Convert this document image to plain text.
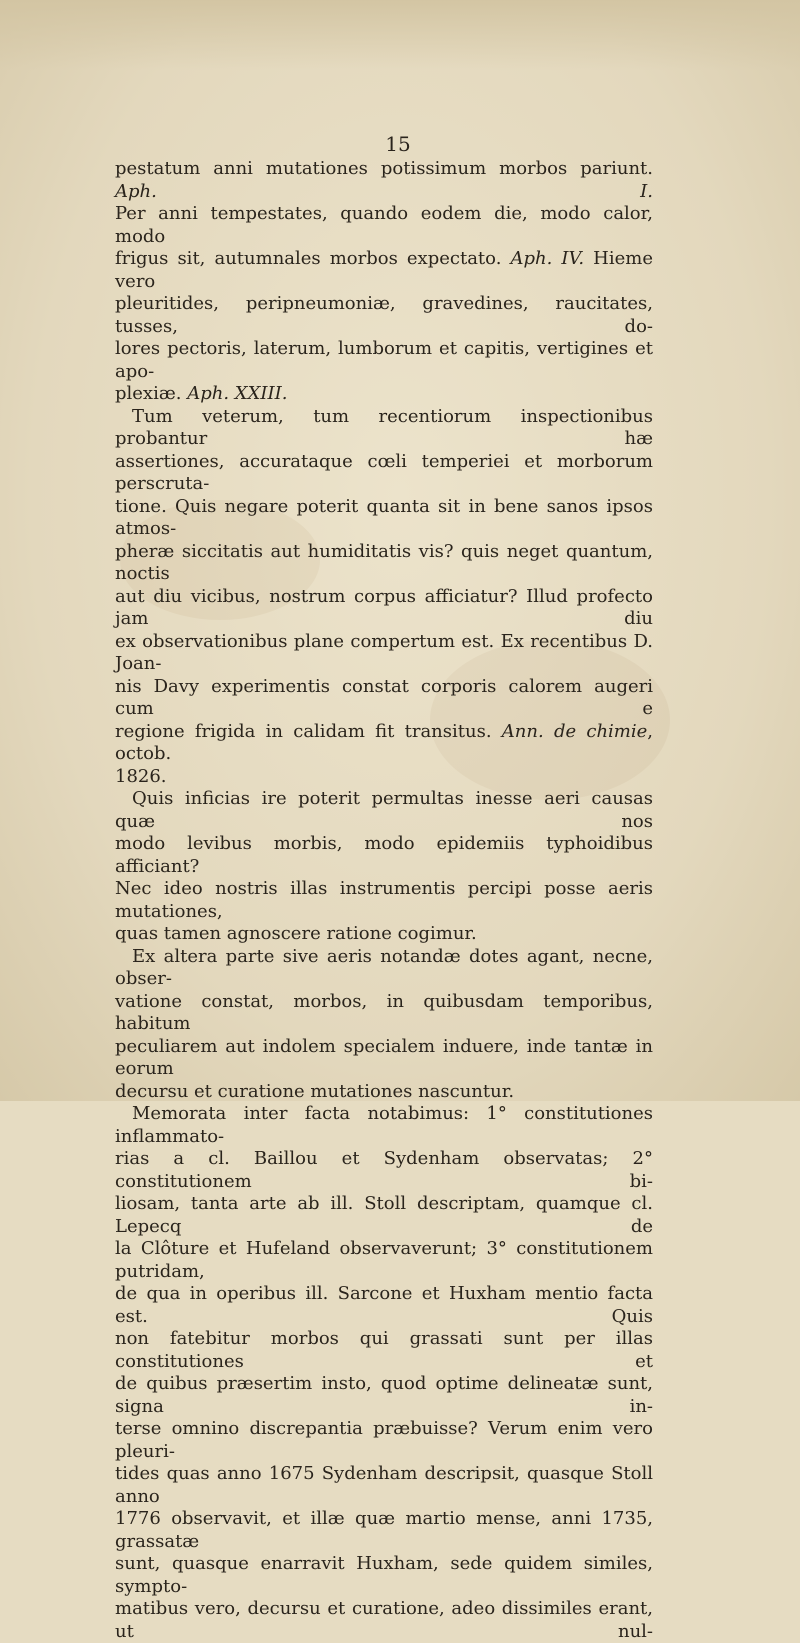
15

pestatum anni mutationes potissimum morbos pariunt. Aph. I.
Per anni tempestates, quando eodem die, modo calor, modo
frigus sit, autumnales morbos expectato. Aph. IV. Hieme vero
pleuritides, peripneumoniæ, gravedines, raucitates, tusses, do-
lores pectoris, laterum, lumborum et capitis, vertigines et apo-
plexiæ. Aph. XXIII.
Tum veterum, tum recentiorum inspectionibus probantur hæ
assertiones, accurataque cœli temperiei et morborum perscruta-
tione. Quis negare poterit quanta sit in bene sanos ipsos atmos-
pheræ siccitatis aut humiditatis vis? quis neget quantum, noctis
aut diu vicibus, nostrum corpus afficiatur? Illud profecto jam diu
ex observationibus plane compertum est. Ex recentibus D. Joan-
nis Davy experimentis constat corporis calorem augeri cum e
regione frigida in calidam fit transitus. Ann. de chimie, octob.
1826.
Quis inficias ire poterit permultas inesse aeri causas quæ nos
modo levibus morbis, modo epidemiis typhoidibus afficiant?
Nec ideo nostris illas instrumentis percipi posse aeris mutationes,
quas tamen agnoscere ratione cogimur.
Ex altera parte sive aeris notandæ dotes agant, necne, obser-
vatione constat, morbos, in quibusdam temporibus, habitum
peculiarem aut indolem specialem induere, inde tantæ in eorum
decursu et curatione mutationes nascuntur.
Memorata inter facta notabimus: 1° constitutiones inflammato-
rias a cl. Baillou et Sydenham observatas; 2° constitutionem bi-
liosam, tanta arte ab ill. Stoll descriptam, quamque cl. Lepecq de
la Clôture et Hufeland observaverunt; 3° constitutionem putridam,
de qua in operibus ill. Sarcone et Huxham mentio facta est. Quis
non fatebitur morbos qui grassati sunt per illas constitutiones et
de quibus præsertim insto, quod optime delineatæ sunt, signa in-
terse omnino discrepantia præbuisse? Verum enim vero pleuri-
tides quas anno 1675 Sydenham descripsit, quasque Stoll anno
1776 observavit, et illæ quæ martio mense, anni 1735, grassatæ
sunt, quasque enarravit Huxham, sede quidem similes, sympto-
matibus vero, decursu et curatione, adeo dissimiles erant, ut nul-
